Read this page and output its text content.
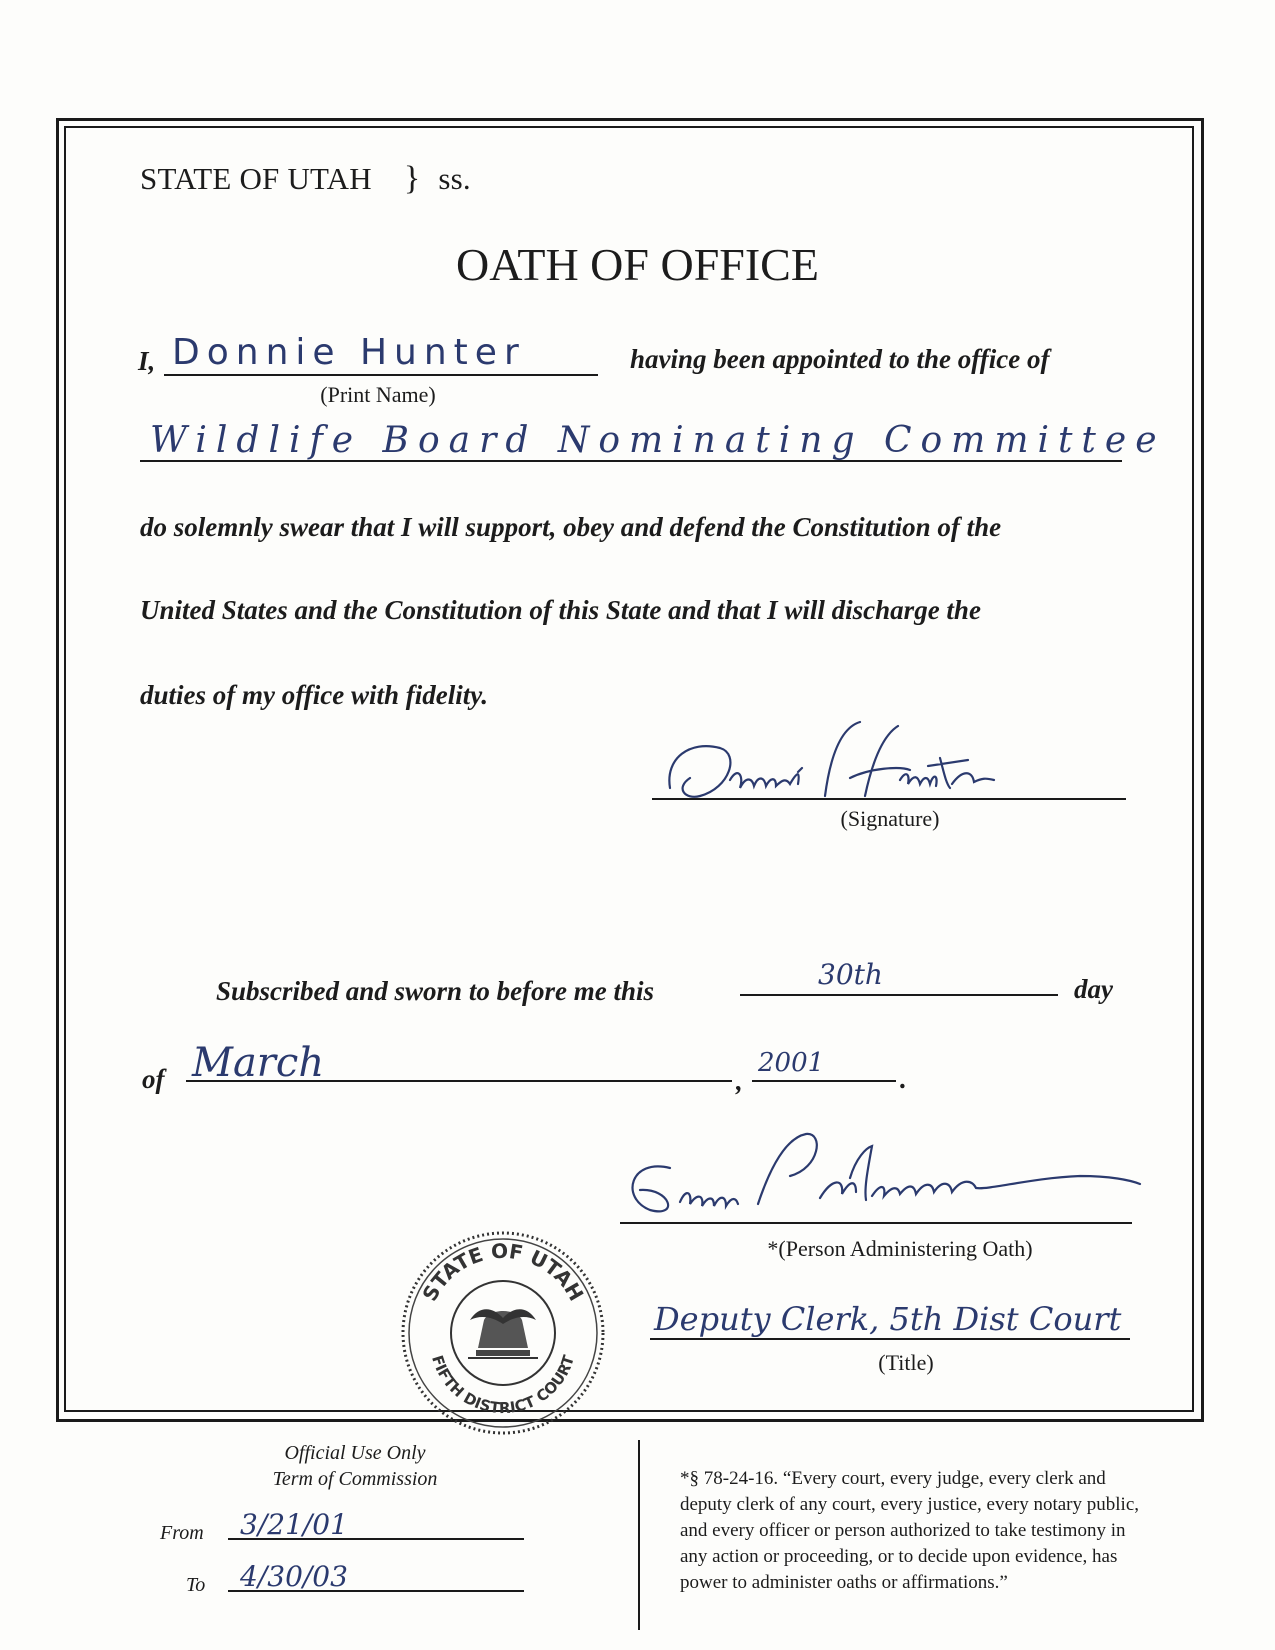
STATE OF UTAH } ss.
OATH OF OFFICE
I, Donnie Hunter
(Print Name)
having been appointed to the office of
Wildlife Board Nominating Committee
do solemnly swear that I will support, obey and defend the Constitution of the
United States and the Constitution of this State and that I will discharge the
duties of my office with fidelity.
(Signature)
Subscribed and sworn to before me this	30th	day
of March	,
2001
.
*(Person Administering Oath)
Deputy Clerk, 5th Dist Court
(Title)
STATE OF UTAH
FIFTH DISTRICT COURT
Official Use Only
Term of Commission
From 3/21/01
To 4/30/03
*§ 78-24-16. “Every court, every judge, every clerk and
deputy clerk of any court, every justice, every notary public,
and every officer or person authorized to take testimony in
any action or proceeding, or to decide upon evidence, has
power to administer oaths or affirmations.”
